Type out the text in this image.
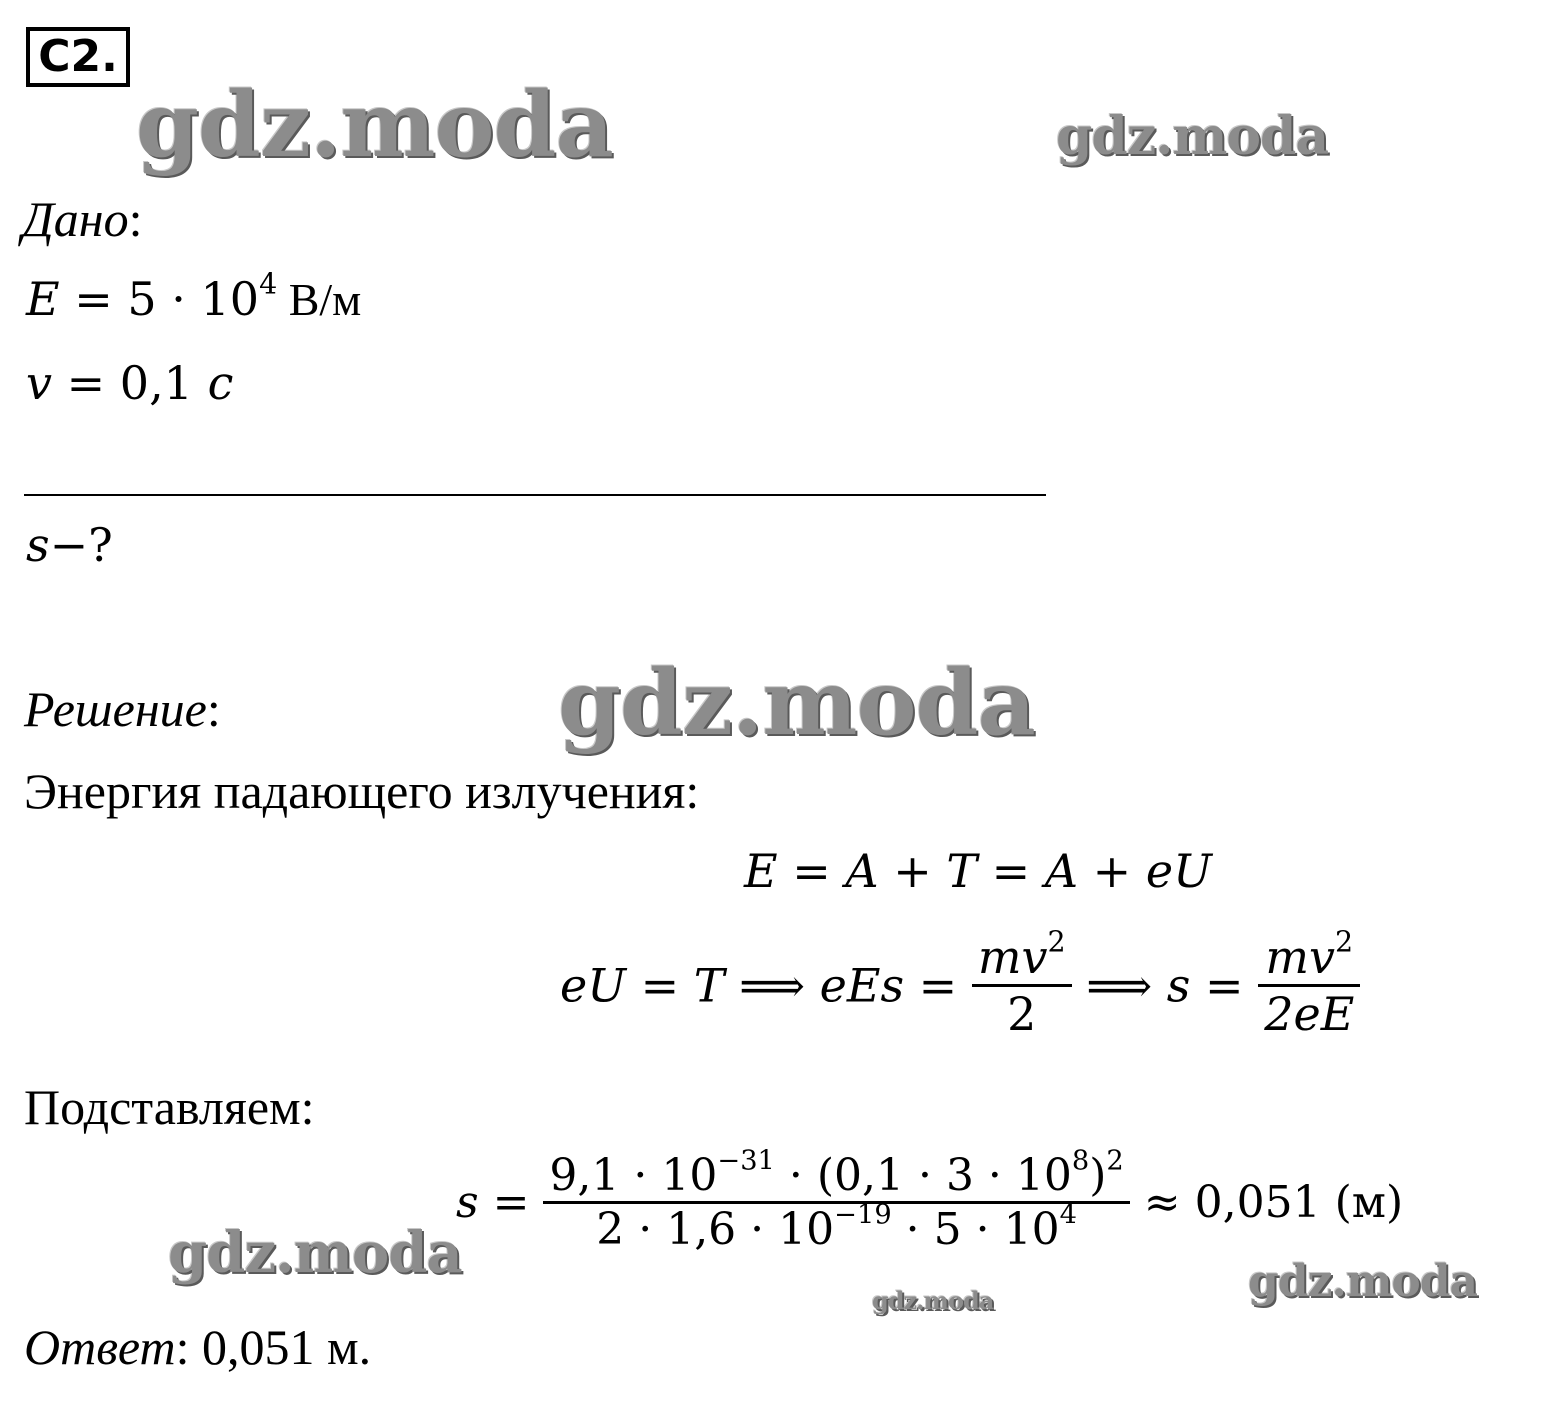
С2.
gdz.moda	gdz.moda
gdz.moda
gdz.moda
gdz.moda	gdz.moda
Дано:
$E = 5 \cdot 10^4$ В/м
v = 0,1 c
s−?
Решение:
Энергия падающего излучения:
E = A + T = A + eU
eU = T ⟹ eEs = $\frac{mv^2}{2}$ ⟹ $s = \frac{mv^2}{2eE}$
Подставляем:
$s = \frac{9,1 \cdot 10^{-31} \cdot (0,1 \cdot 3 \cdot 10^8)^2}{2 \cdot 1,6 \cdot 10^{-19} \cdot 5 \cdot 10^4} \approx 0,051$ (м)
Ответ: 0,051 м.
